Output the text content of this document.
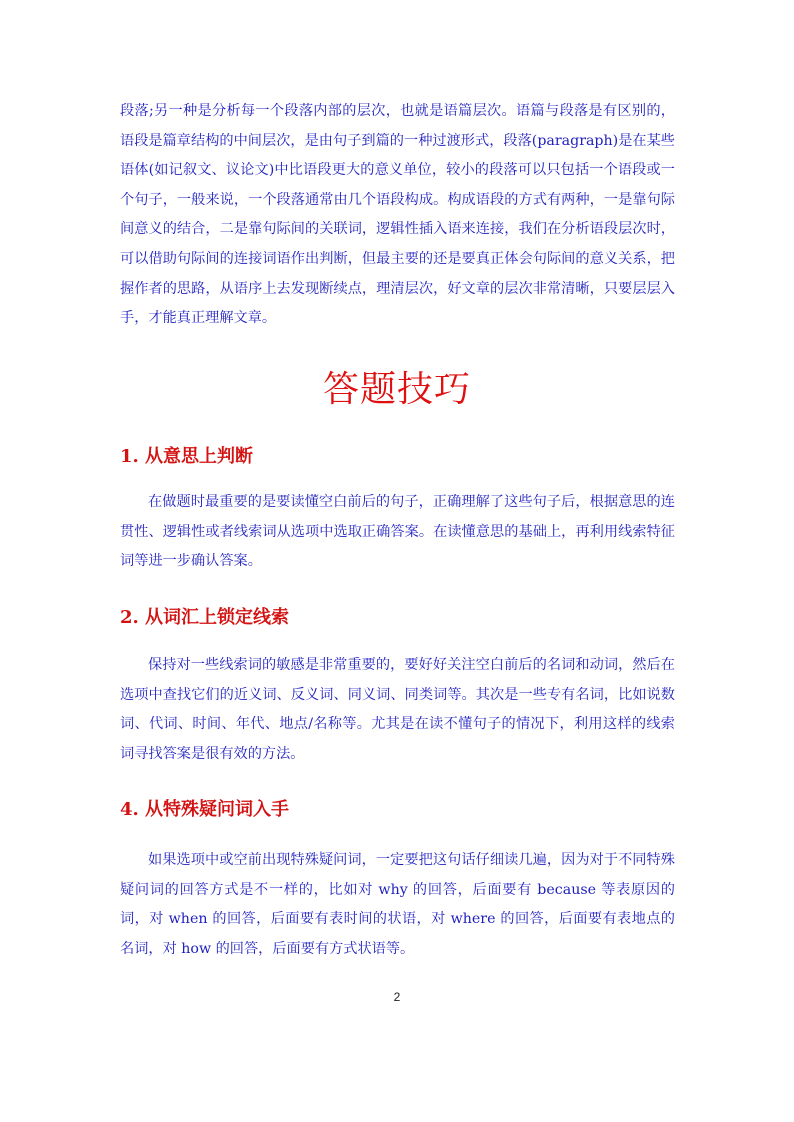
段落;另一种是分析每一个段落内部的层次，也就是语篇层次。语篇与段落是有区别的，语段是篇章结构的中间层次，是由句子到篇的一种过渡形式，段落(paragraph)是在某些语体(如记叙文、议论文)中比语段更大的意义单位，较小的段落可以只包括一个语段或一个句子，一般来说，一个段落通常由几个语段构成。构成语段的方式有两种，一是靠句际间意义的结合，二是靠句际间的关联词，逻辑性插入语来连接，我们在分析语段层次时，可以借助句际间的连接词语作出判断，但最主要的还是要真正体会句际间的意义关系，把握作者的思路，从语序上去发现断续点，理清层次，好文章的层次非常清晰，只要层层入手，才能真正理解文章。

答题技巧
1. 从意思上判断

在做题时最重要的是要读懂空白前后的句子，正确理解了这些句子后，根据意思的连贯性、逻辑性或者线索词从选项中选取正确答案。在读懂意思的基础上，再利用线索特征词等进一步确认答案。

2. 从词汇上锁定线索

保持对一些线索词的敏感是非常重要的，要好好关注空白前后的名词和动词，然后在选项中查找它们的近义词、反义词、同义词、同类词等。其次是一些专有名词，比如说数词、代词、时间、年代、地点/名称等。尤其是在读不懂句子的情况下，利用这样的线索词寻找答案是很有效的方法。

4. 从特殊疑问词入手

如果选项中或空前出现特殊疑问词，一定要把这句话仔细读几遍，因为对于不同特殊疑问词的回答方式是不一样的，比如对 why 的回答，后面要有 because 等表原因的词，对 when 的回答，后面要有表时间的状语，对 where 的回答，后面要有表地点的名词，对 how 的回答，后面要有方式状语等。

2
